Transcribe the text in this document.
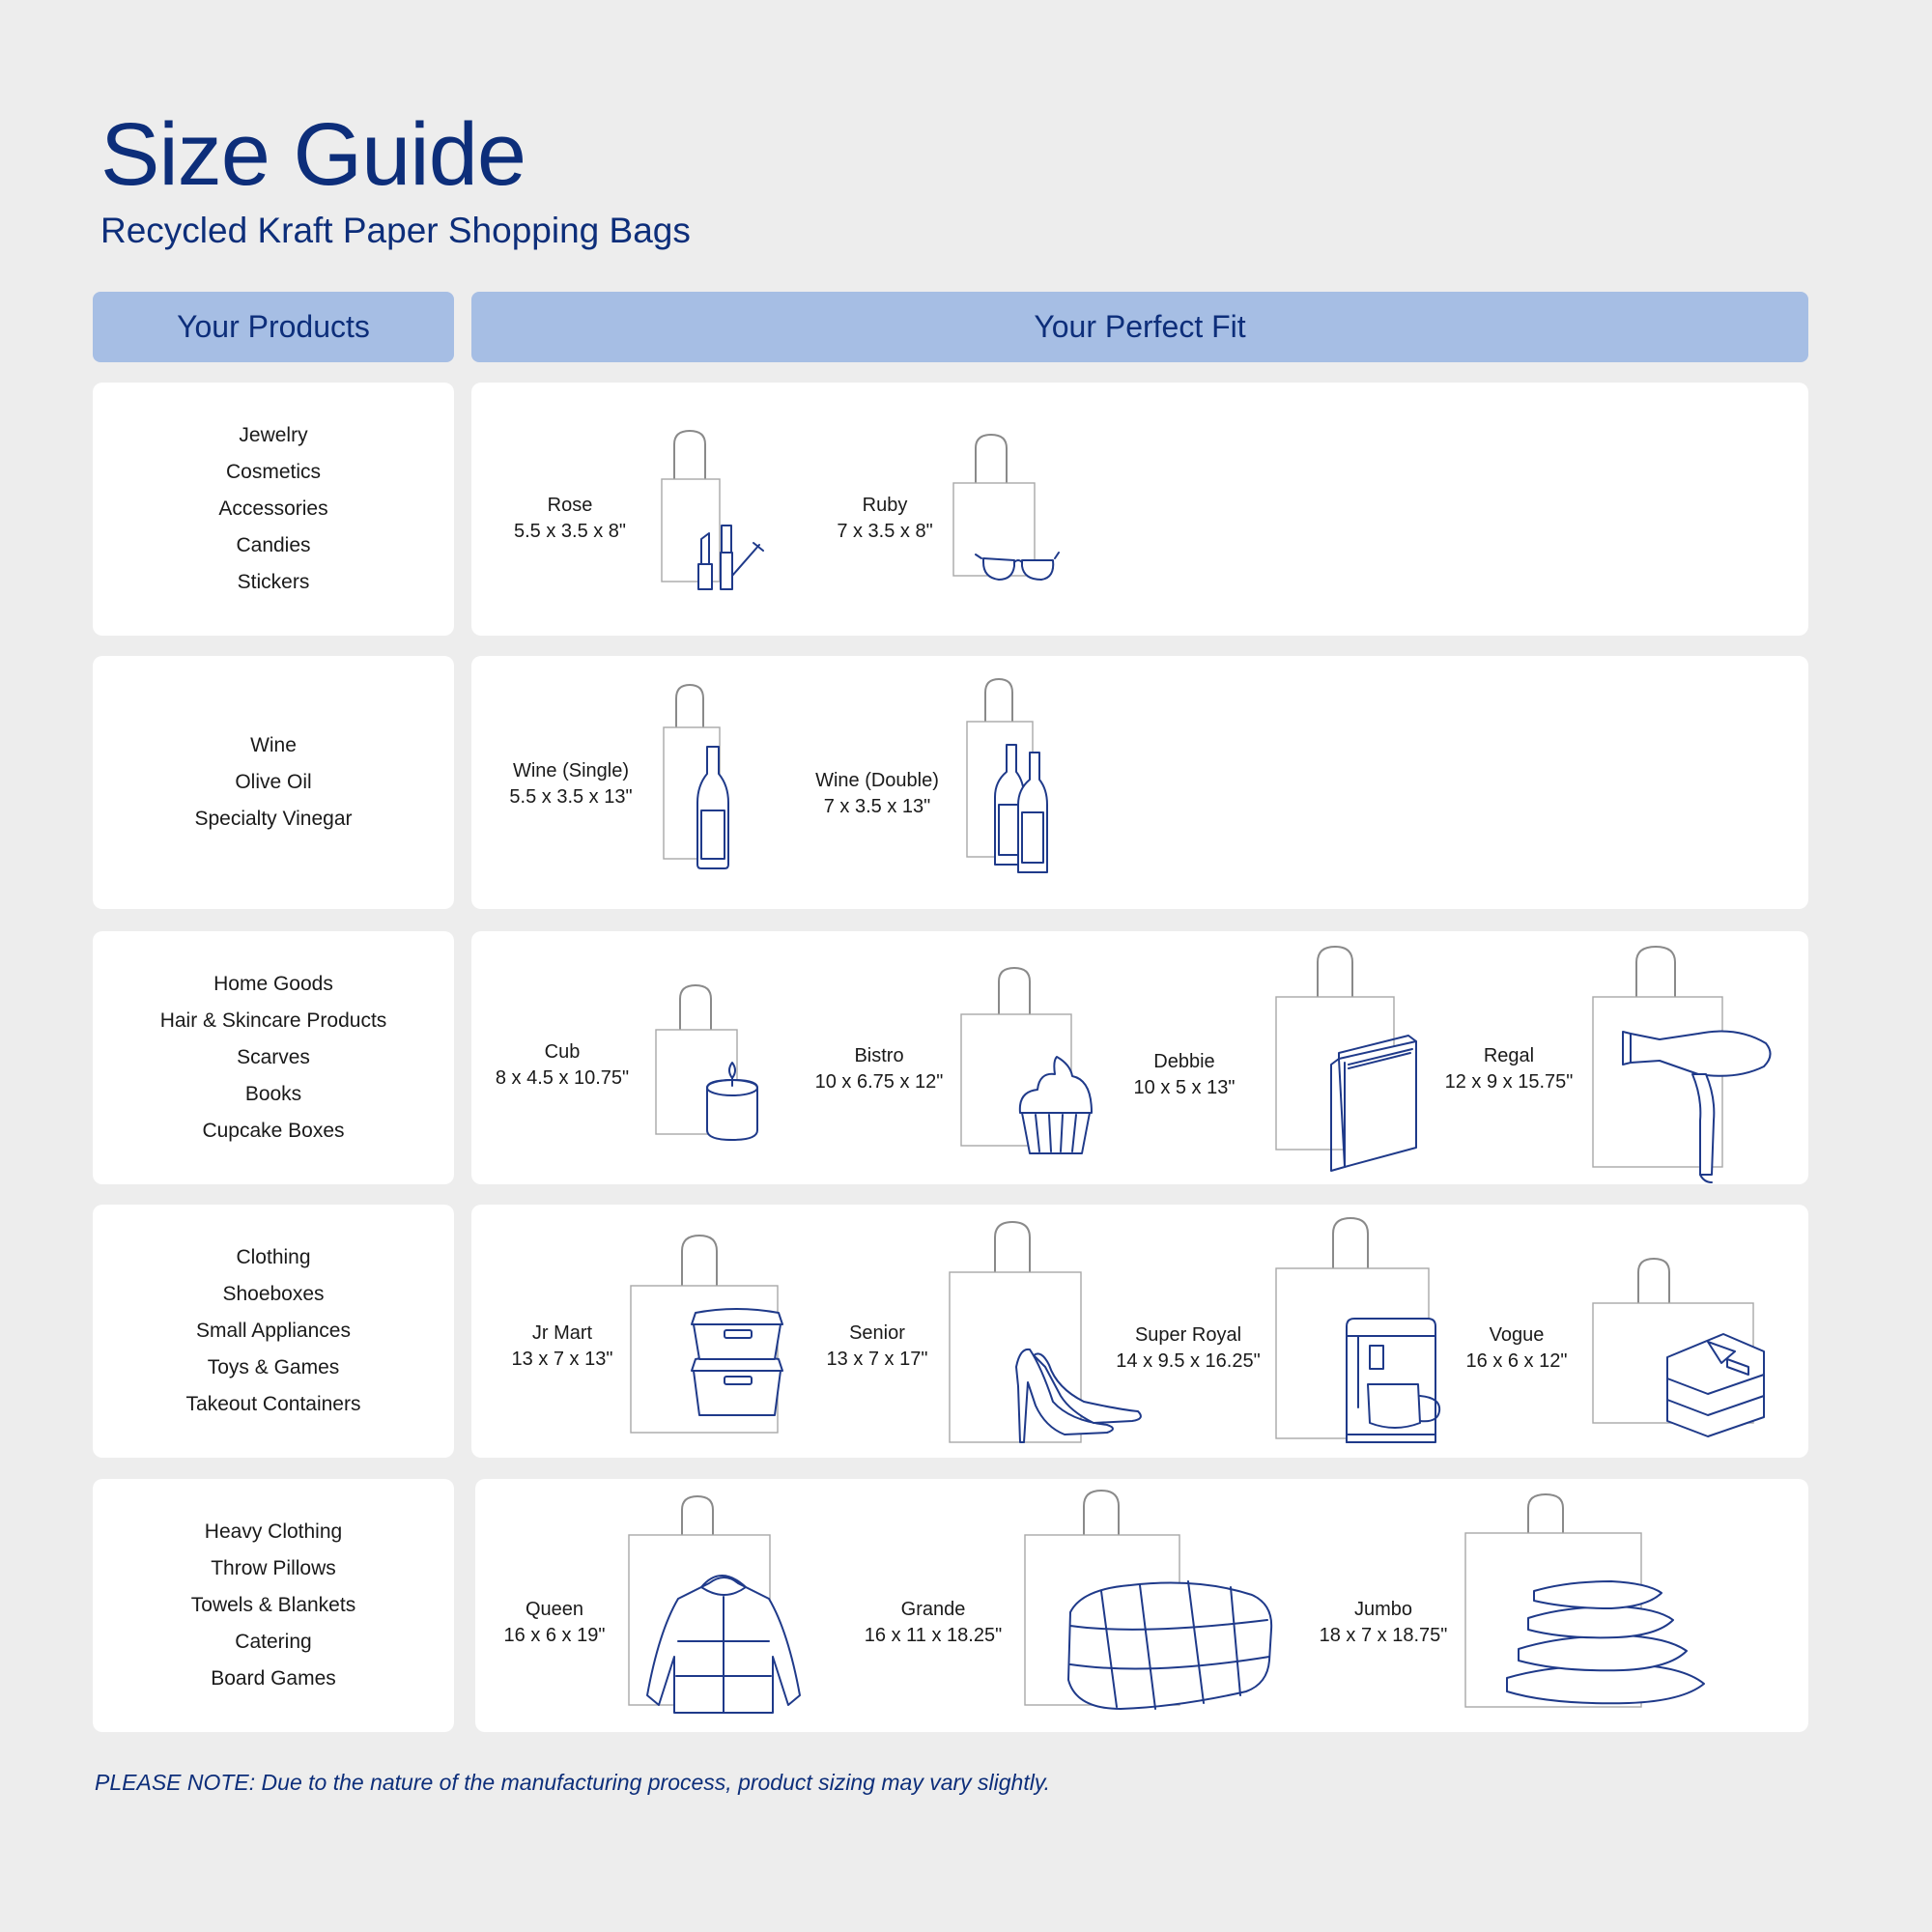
Size Guide
Recycled Kraft Paper Shopping Bags
Your Products	Your Perfect Fit
Jewelry
Cosmetics
Accessories
Candies
Stickers
Rose
5.5 x 3.5 x 8"
Ruby
7 x 3.5 x 8"
Wine
Olive Oil
Specialty Vinegar
Wine (Single)
5.5 x 3.5 x 13"
Wine (Double)
7 x 3.5 x 13"
Home Goods
Hair & Skincare Products
Scarves
Books
Cupcake Boxes
Cub
8 x 4.5 x 10.75"
Bistro
10 x 6.75 x 12"
Debbie
10 x 5 x 13"
Regal
12 x 9 x 15.75"
Clothing
Shoeboxes
Small Appliances
Toys & Games
Takeout Containers
Jr Mart
13 x 7 x 13"
Senior
13 x 7 x 17"
Super Royal
14 x 9.5 x 16.25"
Vogue
16 x 6 x 12"
Heavy Clothing
Throw Pillows
Towels & Blankets
Catering
Board Games
Queen
16 x 6 x 19"
Grande
16 x 11 x 18.25"
Jumbo
18 x 7 x 18.75"

PLEASE NOTE: Due to the nature of the manufacturing process, product sizing may vary slightly.
